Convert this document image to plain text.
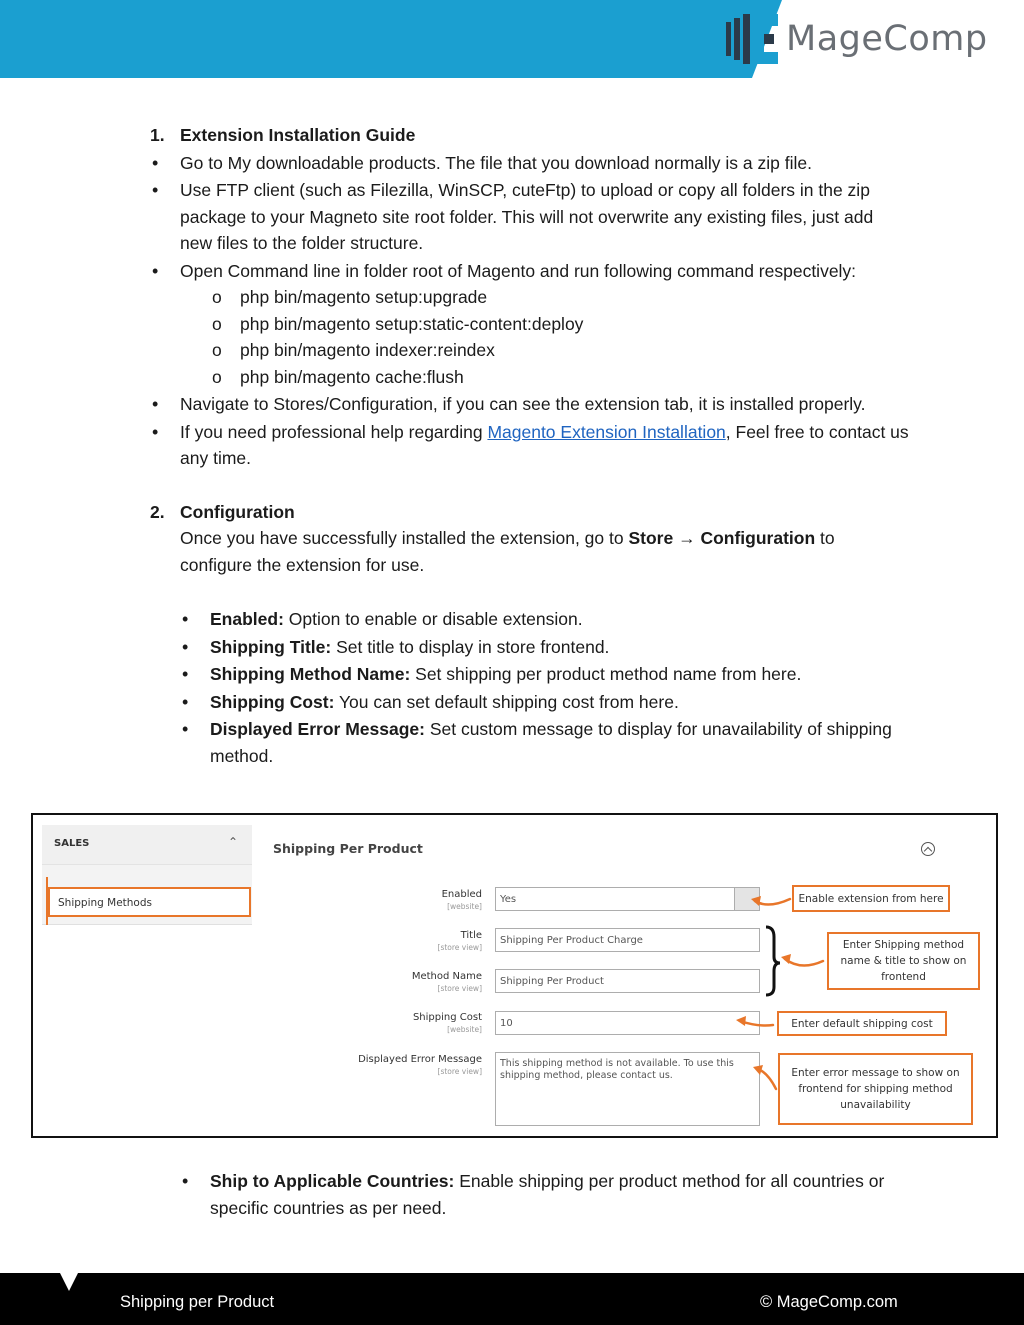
MageComp
1. Extension Installation Guide
• Go to My downloadable products. The file that you download normally is a zip file.
• Use FTP client (such as Filezilla, WinSCP, cuteFtp) to upload or copy all folders in the zip package to your Magneto site root folder. This will not overwrite any existing files, just add new files to the folder structure.
• Open Command line in folder root of Magento and run following command respectively:
o php bin/magento setup:upgrade
o php bin/magento setup:static-content:deploy
o php bin/magento indexer:reindex
o php bin/magento cache:flush
• Navigate to Stores/Configuration, if you can see the extension tab, it is installed properly.
• If you need professional help regarding Magento Extension Installation, Feel free to contact us any time.
2. Configuration
Once you have successfully installed the extension, go to Store → Configuration to configure the extension for use.
• Enabled: Option to enable or disable extension.
• Shipping Title: Set title to display in store frontend.
• Shipping Method Name: Set shipping per product method name from here.
• Shipping Cost: You can set default shipping cost from here.
• Displayed Error Message: Set custom message to display for unavailability of shipping method.
SALES	⌃
Shipping Methods
Shipping Per Product
Enabled
[website]
Yes
Title
[store view]
Shipping Per Product Charge
Method Name
[store view]
Shipping Per Product
Shipping Cost
[website]
10
Displayed Error Message
[store view]
This shipping method is not available. To use this shipping method, please contact us.
Enable extension from here
Enter Shipping method name & title to show on frontend
Enter default shipping cost
Enter error message to show on frontend for shipping method unavailability
• Ship to Applicable Countries: Enable shipping per product method for all countries or specific countries as per need.
Shipping per Product	© MageComp.com
